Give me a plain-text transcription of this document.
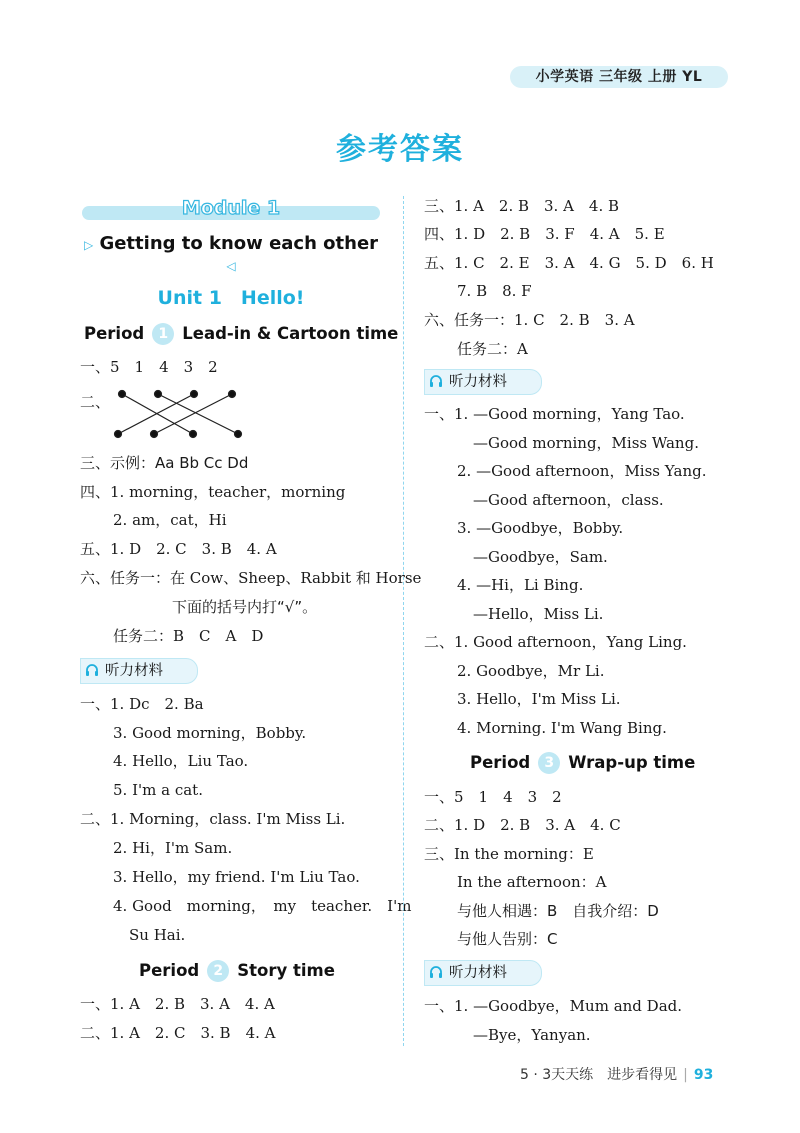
小学英语 三年级 上册 YL
参考答案
Module 1
▷ Getting to know each other ◁
Unit 1　Hello!
Period 1 Lead-in & Cartoon time
一、5　1　4　3　2
二、
三、示例：Aa Bb Cc Dd
四、1. morning，teacher，morning
2. am，cat，Hi
五、1. D　2. C　3. B　4. A
六、任务一：在 Cow、Sheep、Rabbit 和 Horse
下面的括号内打“√”。
任务二：B　C　A　D
听力材料
一、1. Dc　2. Ba
3. Good morning，Bobby.
4. Hello，Liu Tao.
5. I'm a cat.
二、1. Morning，class. I'm Miss Li.
2. Hi，I'm Sam.
3. Hello，my friend. I'm Liu Tao.
4. Good　morning，　my　teacher.　I'm
Su Hai.
Period 2 Story time
一、1. A　2. B　3. A　4. A
二、1. A　2. C　3. B　4. A
三、1. A　2. B　3. A　4. B
四、1. D　2. B　3. F　4. A　5. E
五、1. C　2. E　3. A　4. G　5. D　6. H
7. B　8. F
六、任务一：1. C　2. B　3. A
任务二：A
听力材料
一、1. —Good morning，Yang Tao.
—Good morning，Miss Wang.
2. —Good afternoon，Miss Yang.
—Good afternoon，class.
3. —Goodbye，Bobby.
—Goodbye，Sam.
4. —Hi，Li Bing.
—Hello，Miss Li.
二、1. Good afternoon，Yang Ling.
2. Goodbye，Mr Li.
3. Hello，I'm Miss Li.
4. Morning. I'm Wang Bing.
Period 3 Wrap-up time
一、5　1　4　3　2
二、1. D　2. B　3. A　4. C
三、In the morning：E
In the afternoon：A
与他人相遇：B　自我介绍：D
与他人告别：C
听力材料
一、1. —Goodbye，Mum and Dad.
—Bye，Yanyan.
5 · 3天天练　进步看得见 | 93
